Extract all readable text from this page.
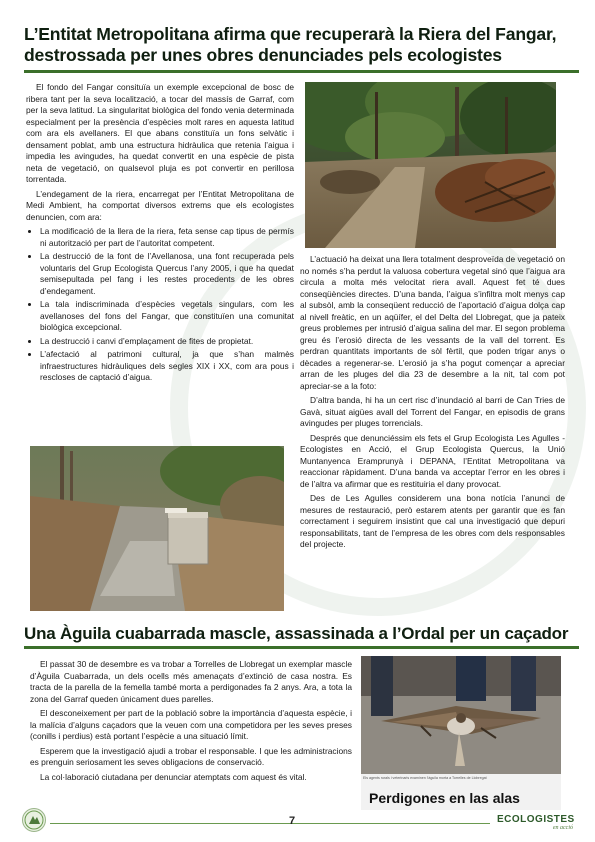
L’Entitat Metropolitana afirma que recuperarà la Riera del Fangar,
destrossada per unes obres denunciades pels ecologistes

El fondo del Fangar consituïa un exemple excepcional de bosc de ribera tant per la seva localització, a tocar del massís de Garraf, com per la seva latitud. La singularitat biològica del fondo venia determinada especialment per la presència d’espècies molt rares en aquesta latitud com ara els avellaners. El que abans constituïa un fons selvàtic i densament poblat, amb una estructura hidràulica que retenia l’aigua i impedia les avingudes, ha quedat convertit en una espècie de pista neta de vegetació, on qualsevol pluja es pot convertir en perillosa torrentada.

L’endegament de la riera, encarregat per l’Entitat Metropolitana de Medi Ambient, ha comportat diversos extrems que els ecologistes denuncien, com ara:

• La modificació de la llera de la riera, feta sense cap tipus de permís ni autorització per part de l’autoritat competent.
• La destrucció de la font de l’Avellanosa, una font recuperada pels voluntaris del Grup Ecologista Quercus l’any 2005, i que ha quedat semisepultada pel fang i les restes procedents de les obres d’endegament.
• La tala indiscriminada d’espècies vegetals singulars, com les avellanoses del fons del Fangar, que constituïen una comunitat biològica excepcional.
• La destrucció i canvi d’emplaçament de fites de propietat.
• L’afectació al patrimoni cultural, ja que s’han malmès infraestructures hidràuliques dels segles XIX i XX, com ara pous i rescloses de captació d’aigua.

L’actuació ha deixat una llera totalment desproveïda de vegetació on no només s’ha perdut la valuosa cobertura vegetal sinó que l’aigua ara circula a molta més velocitat riera avall. Aquest fet té dues conseqüències directes. D’una banda, l’aigua s’infiltra molt menys cap al subsòl, amb la conseqüent reducció de l’aportació d’aigua dolça cap al nivell freàtic, en un aqüífer, el del Delta del Llobregat, que ja pateix greus problemes per intrusió d’aigua salina del mar. El segon problema greu és l’erosió directa de les vessants de la vall del torrent. Es perdran quantitats importants de sòl fèrtil, que poden trigar anys o dècades a regenerar-se. L’erosió ja s’ha pogut començar a apreciar arran de les pluges del dia 23 de desembre a la nit, tal com pot apreciar-se a la foto:

D’altra banda, hi ha un cert risc d’inundació al barri de Can Tries de Gavà, situat aigües avall del Torrent del Fangar, en episodis de grans avingudes per pluges torrencials.

Després que denunciéssim els fets el Grup Ecologista Les Agulles - Ecologistes en Acció, el Grup Ecologista Quercus, la Unió Muntanyenca Eramprunyà i DEPANA, l’Entitat Metropolitana va reaccionar ràpidament. D’una banda va acceptar l’error en les obres i de l’altra va afirmar que es restituiria el dany provocat.

Des de Les Agulles considerem una bona notícia l’anunci de mesures de restauració, però estarem atents per garantir que es fan correctament i seguirem insistint que cal una investigació que depuri responsabilitats, tant de l’empresa de les obres com dels responsables del projecte.

Una Àguila cuabarrada mascle, assassinada a l’Ordal per un caçador

El passat 30 de desembre es va trobar a Torrelles de Llobregat un exemplar mascle d’Àguila Cuabarrada, un dels ocells més amenaçats d’extinció de casa nostra. Es tracta de la parella de la femella també morta a perdigonades fa 2 anys. Ara, a tota la zona del Garraf queden únicament dues parelles.

El desconeixement per part de la població sobre la importància d’aquesta espècie, i la malícia d’alguns caçadors que la veuen com una competidora per les seves preses (conills i perdius) està portant l’espècie a una situació límit.

Esperem que la investigació ajudi a trobar el responsable. I que les administracions es prenguin seriosament les seves obligacions de conservació.

La col·laboració ciutadana per denunciar atemptats com aquest és vital.	Els agents rurals i veterinaris examinen l’àguila morta a Torrelles de Llobregat
Perdigones en las alas
7	ECOLOGISTES
en acció
